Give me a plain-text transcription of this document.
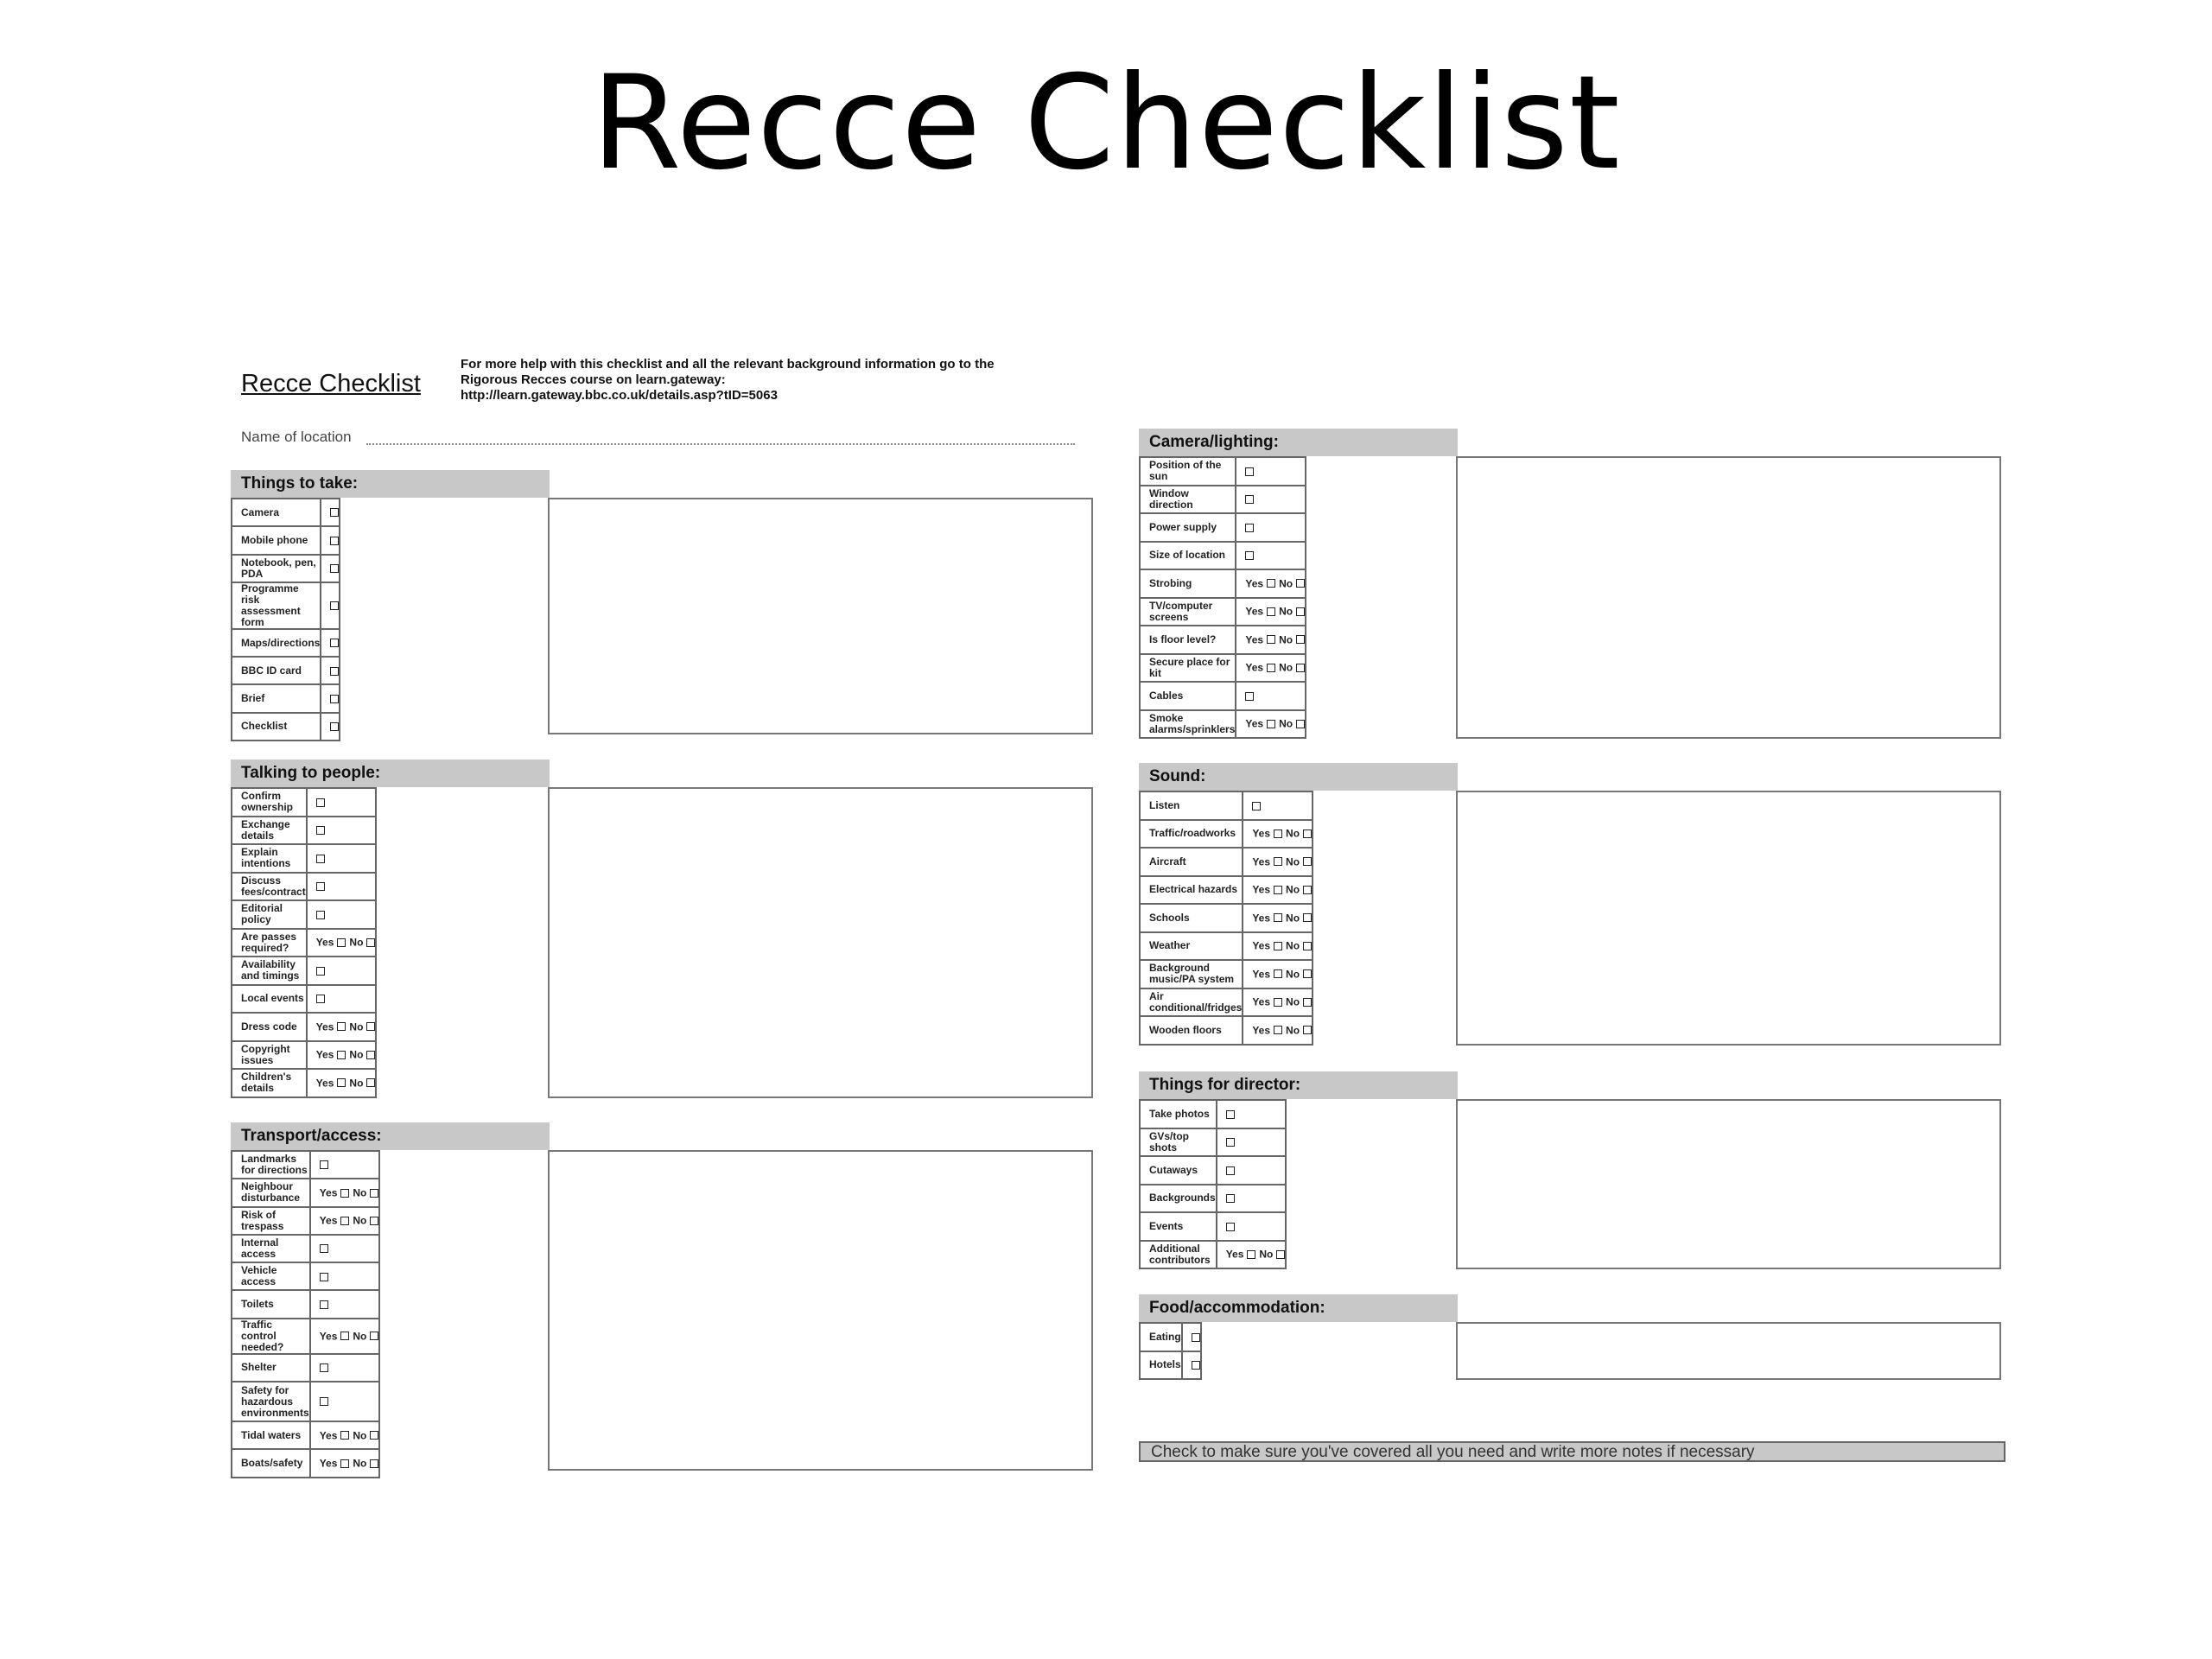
Recce Checklist
Recce Checklist
For more help with this checklist and all the relevant background information go to the
Rigorous Recces course on learn.gateway:
http://learn.gateway.bbc.co.uk/details.asp?tID=5063
Name of location
Things to take:
Camera	
Mobile phone	
Notebook, pen, PDA	
Programme risk assessment form	
Maps/directions	
BBC ID card	
Brief	
Checklist	
Talking to people:
Confirm ownership	
Exchange details	
Explain intentions	
Discuss fees/contract	
Editorial policy	
Are passes required?	Yes No
Availability and timings	
Local events	
Dress code	Yes No
Copyright issues	Yes No
Children's details	Yes No
Transport/access:
Landmarks for directions	
Neighbour disturbance	Yes No
Risk of trespass	Yes No
Internal access	
Vehicle access	
Toilets	
Traffic control needed?	Yes No
Shelter	
Safety for hazardous environments	
Tidal waters	Yes No
Boats/safety	Yes No
Camera/lighting:
Position of the sun	
Window direction	
Power supply	
Size of location	
Strobing	Yes No
TV/computer screens	Yes No
Is floor level?	Yes No
Secure place for kit	Yes No
Cables	
Smoke alarms/sprinklers	Yes No
Sound:
Listen	
Traffic/roadworks	Yes No
Aircraft	Yes No
Electrical hazards	Yes No
Schools	Yes No
Weather	Yes No
Background music/PA system	Yes No
Air conditional/fridges	Yes No
Wooden floors	Yes No
Things for director:
Take photos	
GVs/top shots	
Cutaways	
Backgrounds	
Events	
Additional contributors	Yes No
Food/accommodation:
Eating	
Hotels	
Check to make sure you've covered all you need and write more notes if necessary
